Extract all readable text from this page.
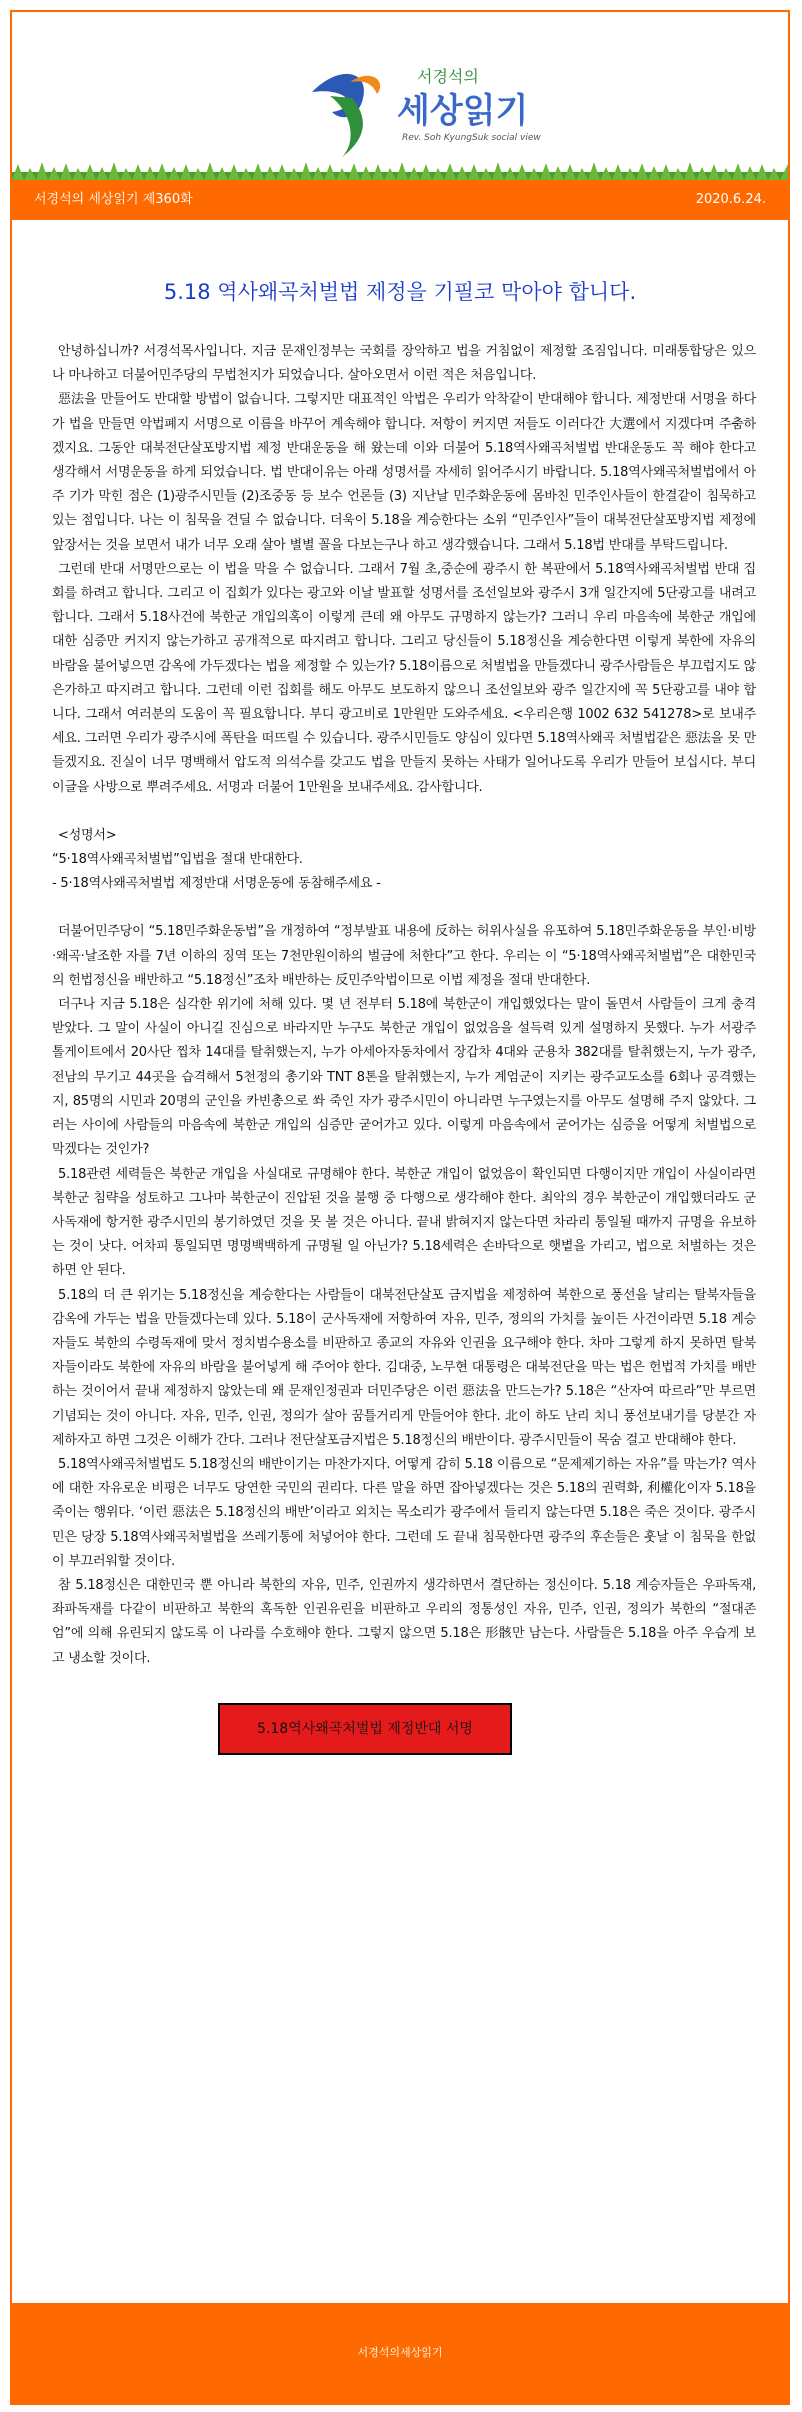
서경석의
세상읽기
Rev. Soh KyungSuk social view
서경석의 세상읽기 제360화	2020.6.24.
5.18 역사왜곡처벌법 제정을 기필코 막아야 합니다.

안녕하십니까? 서경석목사입니다. 지금 문재인정부는 국회를 장악하고 법을 거침없이 제정할 조짐입니다. 미래통합당은 있으나 마나하고 더불어민주당의 무법천지가 되었습니다. 살아오면서 이런 적은 처음입니다.

惡法을 만들어도 반대할 방법이 없습니다. 그렇지만 대표적인 악법은 우리가 악착같이 반대해야 합니다. 제정반대 서명을 하다가 법을 만들면 악법폐지 서명으로 이름을 바꾸어 계속해야 합니다. 저항이 커지면 저들도 이러다간 大選에서 지겠다며 주춤하겠지요. 그동안 대북전단살포방지법 제정 반대운동을 해 왔는데 이와 더불어 5.18역사왜곡처벌법 반대운동도 꼭 해야 한다고 생각해서 서명운동을 하게 되었습니다. 법 반대이유는 아래 성명서를 자세히 읽어주시기 바랍니다. 5.18역사왜곡처벌법에서 아주 기가 막힌 점은 (1)광주시민들 (2)조중동 등 보수 언론들 (3) 지난날 민주화운동에 몸바친 민주인사들이 한결같이 침묵하고 있는 점입니다. 나는 이 침묵을 견딜 수 없습니다. 더욱이 5.18을 계승한다는 소위 “민주인사”들이 대북전단살포방지법 제정에 앞장서는 것을 보면서 내가 너무 오래 살아 별별 꼴을 다보는구나 하고 생각했습니다. 그래서 5.18법 반대를 부탁드립니다.

그런데 반대 서명만으로는 이 법을 막을 수 없습니다. 그래서 7월 초,중순에 광주시 한 복판에서 5.18역사왜곡처벌법 반대 집회를 하려고 합니다. 그리고 이 집회가 있다는 광고와 이날 발표할 성명서를 조선일보와 광주시 3개 일간지에 5단광고를 내려고 합니다. 그래서 5.18사건에 북한군 개입의혹이 이렇게 큰데 왜 아무도 규명하지 않는가? 그러니 우리 마음속에 북한군 개입에 대한 심증만 커지지 않는가하고 공개적으로 따지려고 합니다. 그리고 당신들이 5.18정신을 계승한다면 이렇게 북한에 자유의 바람을 불어넣으면 감옥에 가두겠다는 법을 제정할 수 있는가? 5.18이름으로 처벌법을 만들겠다니 광주사람들은 부끄럽지도 않은가하고 따지려고 합니다. 그런데 이런 집회를 해도 아무도 보도하지 않으니 조선일보와 광주 일간지에 꼭 5단광고를 내야 합니다. 그래서 여러분의 도움이 꼭 필요합니다. 부디 광고비로 1만원만 도와주세요. <우리은행 1002 632 541278>로 보내주세요. 그러면 우리가 광주시에 폭탄을 떠뜨릴 수 있습니다. 광주시민들도 양심이 있다면 5.18역사왜곡 처벌법같은 惡法을 못 만들겠지요. 진실이 너무 명백해서 압도적 의석수를 갖고도 법을 만들지 못하는 사태가 일어나도록 우리가 만들어 보십시다. 부디 이글을 사방으로 뿌려주세요. 서명과 더불어 1만원을 보내주세요. 감사합니다.

<성명서>

“5·18역사왜곡처벌법”입법을 절대 반대한다.

- 5·18역사왜곡처벌법 제정반대 서명운동에 동참해주세요 -

더불어민주당이 “5.18민주화운동법”을 개정하여 “정부발표 내용에 反하는 허위사실을 유포하여 5.18민주화운동을 부인·비방·왜곡·날조한 자를 7년 이하의 징역 또는 7천만원이하의 벌금에 처한다”고 한다. 우리는 이 “5·18역사왜곡처벌법”은 대한민국의 헌법정신을 배반하고 “5.18정신”조차 배반하는 反민주악법이므로 이법 제정을 절대 반대한다.

더구나 지금 5.18은 심각한 위기에 처해 있다. 몇 년 전부터 5.18에 북한군이 개입했었다는 말이 돌면서 사람들이 크게 충격 받았다. 그 말이 사실이 아니길 진심으로 바라지만 누구도 북한군 개입이 없었음을 설득력 있게 설명하지 못했다. 누가 서광주 톨게이트에서 20사단 찝차 14대를 탈취했는지, 누가 아세아자동차에서 장갑차 4대와 군용차 382대를 탈취했는지, 누가 광주, 전남의 무기고 44곳을 습격해서 5천정의 총기와 TNT 8톤을 탈취했는지, 누가 계엄군이 지키는 광주교도소를 6회나 공격했는지, 85명의 시민과 20명의 군인을 카빈총으로 쏴 죽인 자가 광주시민이 아니라면 누구였는지를 아무도 설명해 주지 않았다. 그러는 사이에 사람들의 마음속에 북한군 개입의 심증만 굳어가고 있다. 이렇게 마음속에서 굳어가는 심증을 어떻게 처벌법으로 막겠다는 것인가?

5.18관련 세력들은 북한군 개입을 사실대로 규명해야 한다. 북한군 개입이 없었음이 확인되면 다행이지만 개입이 사실이라면 북한군 침략을 성토하고 그나마 북한군이 진압된 것을 불행 중 다행으로 생각해야 한다. 최악의 경우 북한군이 개입했더라도 군사독재에 항거한 광주시민의 봉기하였던 것을 못 볼 것은 아니다. 끝내 밝혀지지 않는다면 차라리 통일될 때까지 규명을 유보하는 것이 낫다. 어차피 통일되면 명명백백하게 규명될 일 아닌가? 5.18세력은 손바닥으로 햇볕을 가리고, 법으로 처벌하는 것은 하면 안 된다.

5.18의 더 큰 위기는 5.18정신을 계승한다는 사람들이 대북전단살포 금지법을 제정하여 북한으로 풍선을 날리는 탈북자들을 감옥에 가두는 법을 만들겠다는데 있다. 5.18이 군사독재에 저항하여 자유, 민주, 정의의 가치를 높이든 사건이라면 5.18 계승자들도 북한의 수령독재에 맞서 정치범수용소를 비판하고 종교의 자유와 인권을 요구해야 한다. 차마 그렇게 하지 못하면 탈북자들이라도 북한에 자유의 바람을 불어넣게 해 주어야 한다. 김대중, 노무현 대통령은 대북전단을 막는 법은 헌법적 가치를 배반하는 것이어서 끝내 제정하지 않았는데 왜 문재인정권과 더민주당은 이런 惡法을 만드는가? 5.18은 “산자여 따르라”만 부르면 기념되는 것이 아니다. 자유, 민주, 인권, 정의가 살아 꿈틀거리게 만들어야 한다. 北이 하도 난리 치니 풍선보내기를 당분간 자제하자고 하면 그것은 이해가 간다. 그러나 전단살포금지법은 5.18정신의 배반이다. 광주시민들이 목숨 걸고 반대해야 한다.

5.18역사왜곡처벌법도 5.18정신의 배반이기는 마찬가지다. 어떻게 감히 5.18 이름으로 “문제제기하는 자유”를 막는가? 역사에 대한 자유로운 비평은 너무도 당연한 국민의 권리다. 다른 말을 하면 잡아넣겠다는 것은 5.18의 권력화, 利權化이자 5.18을 죽이는 행위다. ‘이런 惡法은 5.18정신의 배반’이라고 외치는 목소리가 광주에서 들리지 않는다면 5.18은 죽은 것이다. 광주시민은 당장 5.18역사왜곡처벌법을 쓰레기통에 처넣어야 한다. 그런데 도 끝내 침묵한다면 광주의 후손들은 훗날 이 침묵을 한없이 부끄러워할 것이다.

참 5.18정신은 대한민국 뿐 아니라 북한의 자유, 민주, 인권까지 생각하면서 결단하는 정신이다. 5.18 계승자들은 우파독재, 좌파독재를 다같이 비판하고 북한의 혹독한 인권유린을 비판하고 우리의 정통성인 자유, 민주, 인권, 정의가 북한의 “절대존엄”에 의해 유린되지 않도록 이 나라를 수호해야 한다. 그렇지 않으면 5.18은 形骸만 남는다. 사람들은 5.18을 아주 우습게 보고 냉소할 것이다.

5.18역사왜곡처벌법 제정반대 서명
서경석의세상읽기
